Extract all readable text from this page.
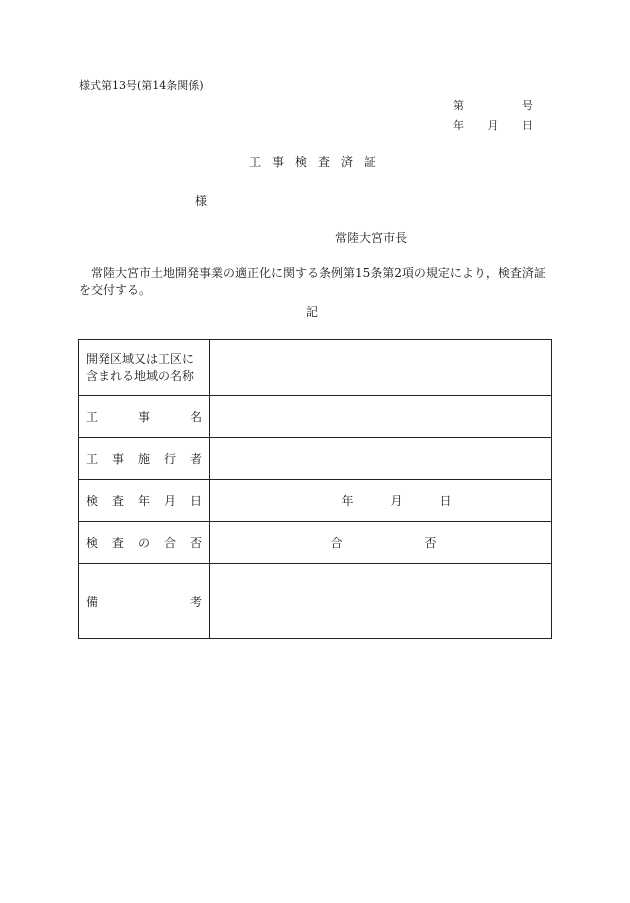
様式第13号(第14条関係)
第	号
年 月 日
工事検査済証
様
常陸大宮市長
常陸大宮市土地開発事業の適正化に関する条例第15条第2項の規定により，検査済証を交付する。
記
開発区域又は工区に
含まれる地域の名称	

工 事 名	

工 事 施 行 者	

検 査 年 月 日	年 月 日

検 査 の 合 否	合 否

備 考	
